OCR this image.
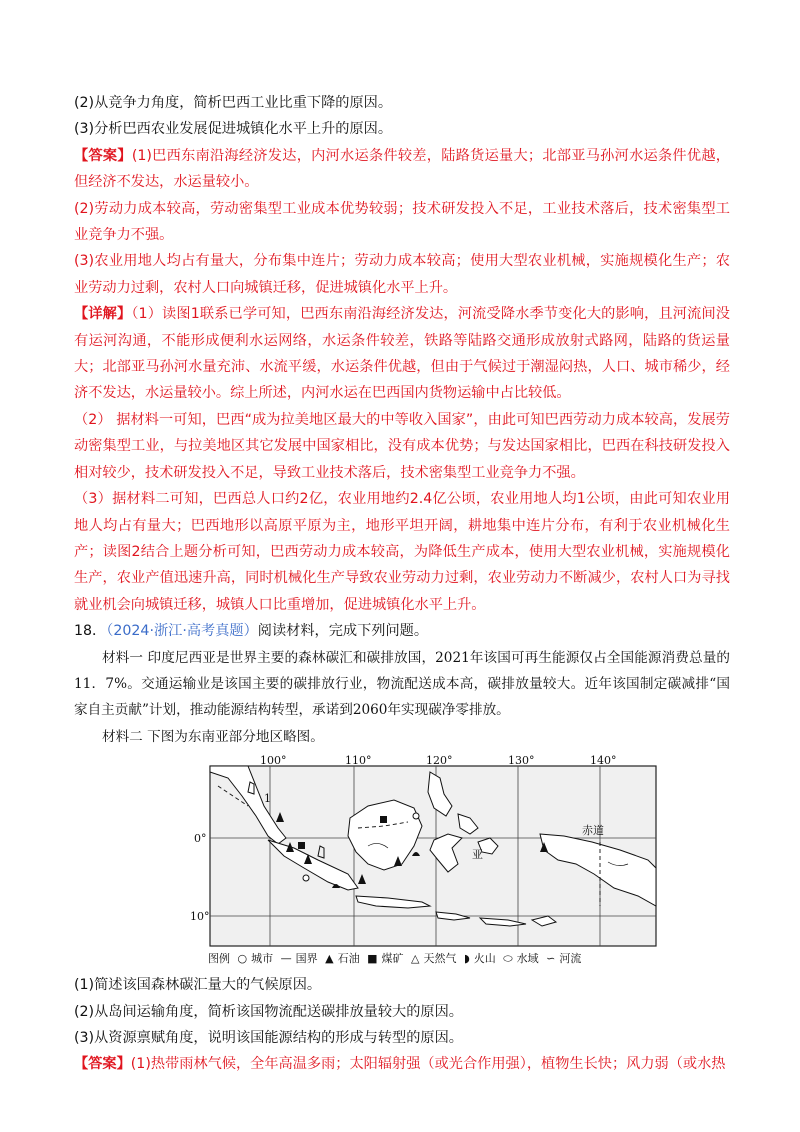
(2)从竞争力角度，简析巴西工业比重下降的原因。

(3)分析巴西农业发展促进城镇化水平上升的原因。

【答案】(1)巴西东南沿海经济发达，内河水运条件较差，陆路货运量大；北部亚马孙河水运条件优越，但经济不发达，水运量较小。

(2)劳动力成本较高，劳动密集型工业成本优势较弱；技术研发投入不足，工业技术落后，技术密集型工业竞争力不强。

(3)农业用地人均占有量大，分布集中连片；劳动力成本较高；使用大型农业机械，实施规模化生产；农业劳动力过剩，农村人口向城镇迁移，促进城镇化水平上升。

【详解】（1）读图1联系已学可知，巴西东南沿海经济发达，河流受降水季节变化大的影响，且河流间没有运河沟通，不能形成便利水运网络，水运条件较差，铁路等陆路交通形成放射式路网，陆路的货运量大；北部亚马孙河水量充沛、水流平缓，水运条件优越，但由于气候过于潮湿闷热，人口、城市稀少，经济不发达，水运量较小。综上所述，内河水运在巴西国内货物运输中占比较低。

（2） 据材料一可知，巴西“成为拉美地区最大的中等收入国家”，由此可知巴西劳动力成本较高，发展劳动密集型工业，与拉美地区其它发展中国家相比，没有成本优势；与发达国家相比，巴西在科技研发投入相对较少，技术研发投入不足，导致工业技术落后，技术密集型工业竞争力不强。

（3）据材料二可知，巴西总人口约2亿，农业用地约2.4亿公顷，农业用地人均1公顷，由此可知农业用地人均占有量大；巴西地形以高原平原为主，地形平坦开阔，耕地集中连片分布，有利于农业机械化生产；读图2结合上题分析可知，巴西劳动力成本较高，为降低生产成本，使用大型农业机械，实施规模化生产，农业产值迅速升高，同时机械化生产导致农业劳动力过剩，农业劳动力不断减少，农村人口为寻找就业机会向城镇迁移，城镇人口比重增加，促进城镇化水平上升。

18．（2024·浙江·高考真题）阅读材料，完成下列问题。

材料一 印度尼西亚是世界主要的森林碳汇和碳排放国，2021年该国可再生能源仅占全国能源消费总量的11．7%。交通运输业是该国主要的碳排放行业，物流配送成本高，碳排放量较大。近年该国制定碳减排“国家自主贡献”计划，推动能源结构转型，承诺到2060年实现碳净零排放。

材料二 下图为东南亚部分地区略图。

100°	110°	120°	130°	140°
0°
10°
赤道
1
亚
图例 ○ 城市 — 国界 ▲ 石油 ■ 煤矿 △ 天然气 ◗ 火山 ⬭ 水域 ∽ 河流

(1)简述该国森林碳汇量大的气候原因。

(2)从岛间运输角度，简析该国物流配送碳排放量较大的原因。

(3)从资源禀赋角度，说明该国能源结构的形成与转型的原因。

【答案】(1)热带雨林气候，全年高温多雨；太阳辐射强（或光合作用强），植物生长快；风力弱（或水热
